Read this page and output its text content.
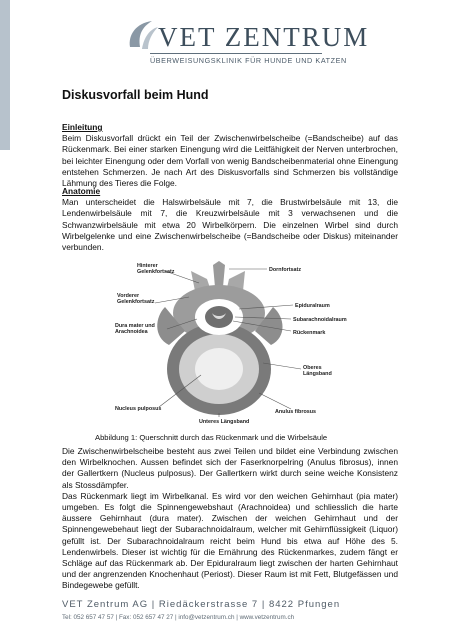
VET ZENTRUM
ÜBERWEISUNGSKLINIK FÜR HUNDE UND KATZEN
Diskusvorfall beim Hund
Einleitung
Beim Diskusvorfall drückt ein Teil der Zwischenwirbelscheibe (=Bandscheibe) auf das Rückenmark. Bei einer starken Einengung wird die Leitfähigkeit der Nerven unterbrochen, bei leichter Einengung oder dem Vorfall von wenig Bandscheibenmaterial ohne Einengung entstehen Schmerzen. Je nach Art des Diskusvorfalls sind Schmerzen bis vollständige Lähmung des Tieres die Folge.
Anatomie
Man unterscheidet die Halswirbelsäule mit 7, die Brustwirbelsäule mit 13, die Lendenwirbelsäule mit 7, die Kreuzwirbelsäule mit 3 verwachsenen und die Schwanzwirbelsäule mit etwa 20 Wirbelkörpern. Die einzelnen Wirbel sind durch Wirbelgelenke und eine Zwischenwirbelscheibe (=Bandscheibe oder Diskus) miteinander verbunden.
Hinterer
Gelenkfortsatz	Dornfortsatz
Vorderer
Gelenkfortsatz
Epiduralraum
Subarachnoidalraum
Dura mater und
Arachnoidea	Rückenmark
Oberes
Längsband
Nucleus pulposus	Anulus fibrosus
Unteres Längsband
Abbildung 1: Querschnitt durch das Rückenmark und die Wirbelsäule
Die Zwischenwirbelscheibe besteht aus zwei Teilen und bildet eine Verbindung zwischen den Wirbelknochen. Aussen befindet sich der Faserknorpelring (Anulus fibrosus), innen der Gallertkern (Nucleus pulposus). Der Gallertkern wirkt durch seine weiche Konsistenz als Stossdämpfer.
Das Rückenmark liegt im Wirbelkanal. Es wird vor den weichen Gehirnhaut (pia mater) umgeben. Es folgt die Spinnengewebshaut (Arachnoidea) und schliesslich die harte äussere Gehirnhaut (dura mater). Zwischen der weichen Gehirnhaut und der Spinnengewebehaut liegt der Subarachnoidalraum, welcher mit Gehirnflüssigkeit (Liquor) gefüllt ist. Der Subarachnoidalraum reicht beim Hund bis etwa auf Höhe des 5. Lendenwirbels. Dieser ist wichtig für die Ernährung des Rückenmarkes, zudem fängt er Schläge auf das Rückenmark ab. Der Epiduralraum liegt zwischen der harten Gehirnhaut und der angrenzenden Knochenhaut (Periost). Dieser Raum ist mit Fett, Blutgefässen und Bindegewebe gefüllt.
VET Zentrum AG | Riedäckerstrasse 7 | 8422 Pfungen
Tel: 052 657 47 57 | Fax: 052 657 47 27 | info@vetzentrum.ch | www.vetzentrum.ch
